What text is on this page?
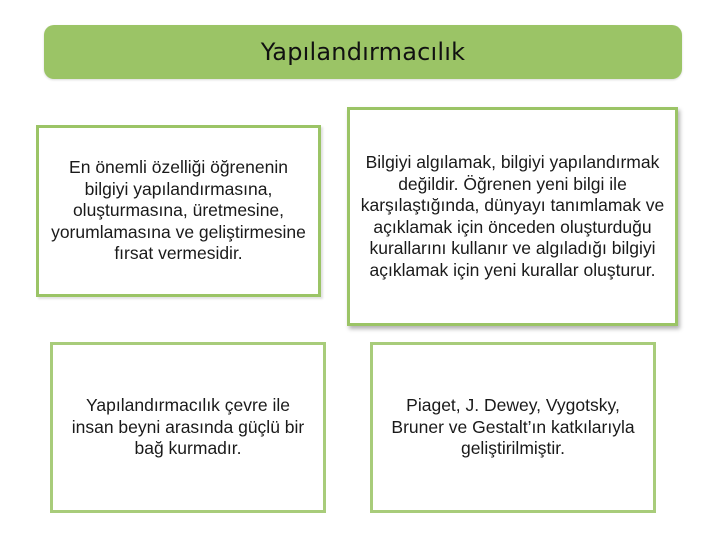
Yapılandırmacılık
En önemli özelliği öğrenenin bilgiyi yapılandırmasına, oluşturmasına, üretmesine, yorumlamasına ve geliştirmesine fırsat vermesidir.
Bilgiyi algılamak, bilgiyi yapılandırmak değildir. Öğrenen yeni bilgi ile karşılaştığında, dünyayı tanımlamak ve açıklamak için önceden oluşturduğu kurallarını kullanır ve algıladığı bilgiyi açıklamak için yeni kurallar oluşturur.
Yapılandırmacılık çevre ile insan beyni arasında güçlü bir bağ kurmadır.
Piaget, J. Dewey, Vygotsky, Bruner ve Gestalt’ın katkılarıyla geliştirilmiştir.
